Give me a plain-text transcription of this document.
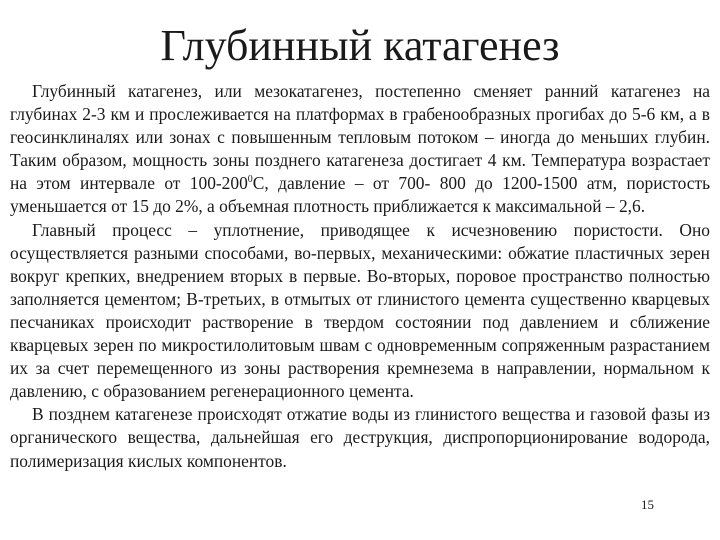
Глубинный катагенез

Глубинный катагенез, или мезокатагенез, постепенно сменяет ранний катагенез на глубинах 2-3 км и прослеживается на платформах в грабенообразных прогибах до 5-6 км, а в геосинклиналях или зонах с повышенным тепловым потоком – иногда до меньших глубин. Таким образом, мощность зоны позднего катагенеза достигает 4 км. Температура возрастает на этом интервале от $100-200^0С$, давление – от 700- 800 до 1200-1500 атм, пористость уменьшается от 15 до 2%, а объемная плотность приближается к максимальной – 2,6.

Главный процесс – уплотнение, приводящее к исчезновению пористости. Оно осуществляется разными способами, во-первых, механическими: обжатие пластичных зерен вокруг крепких, внедрением вторых в первые. Во-вторых, поровое пространство полностью заполняется цементом; В-третьих, в отмытых от глинистого цемента существенно кварцевых песчаниках происходит растворение в твердом состоянии под давлением и сближение кварцевых зерен по микростилолитовым швам с одновременным сопряженным разрастанием их за счет перемещенного из зоны растворения кремнезема в направлении, нормальном к давлению, с образованием регенерационного цемента.

В позднем катагенезе происходят отжатие воды из глинистого вещества и газовой фазы из органического вещества, дальнейшая его деструкция, диспропорционирование водорода, полимеризация кислых компонентов.

15
